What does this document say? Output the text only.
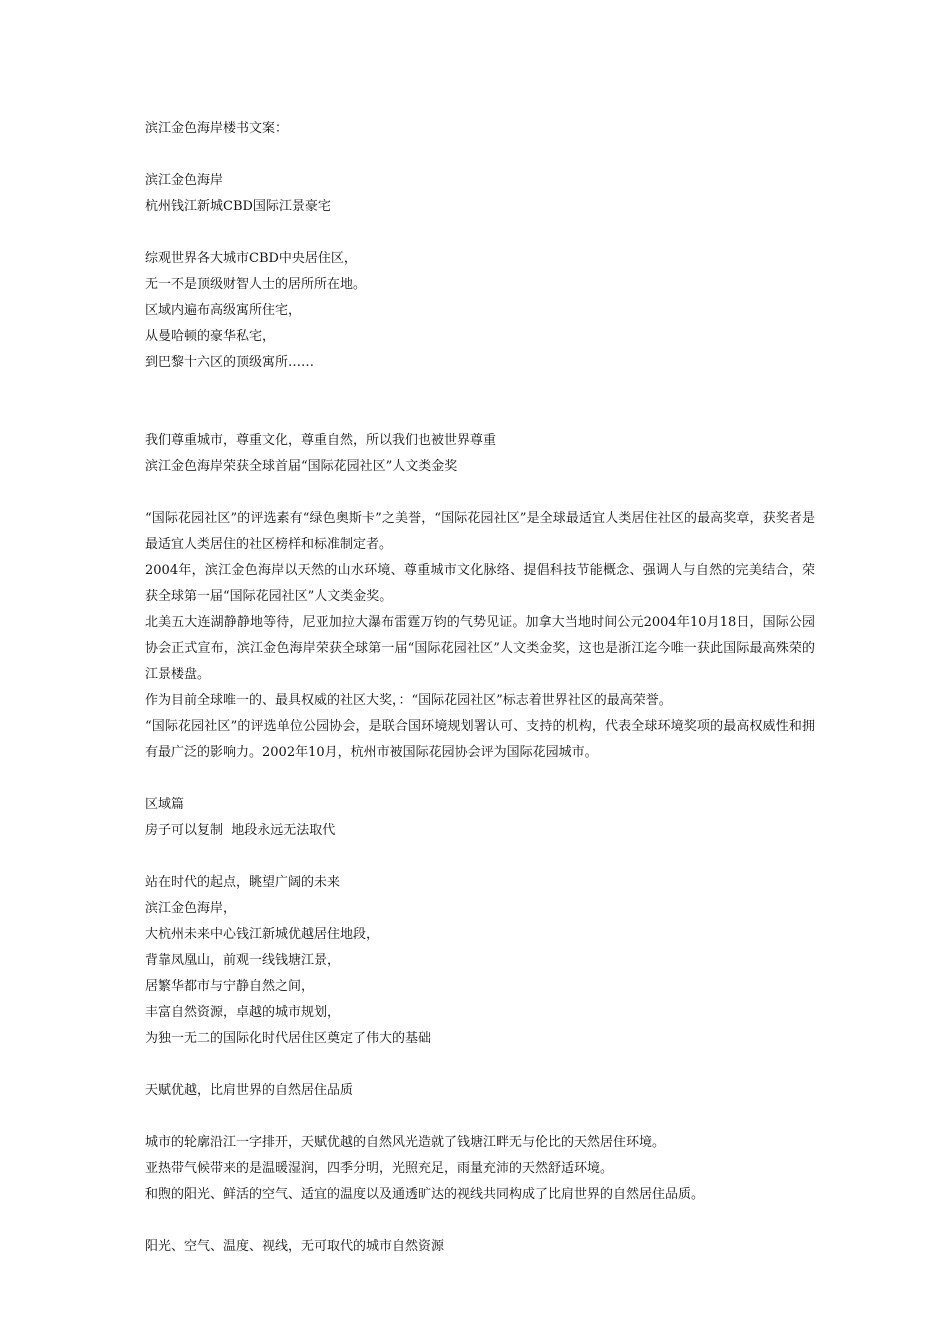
滨江金色海岸楼书文案：

滨江金色海岸

杭州钱江新城CBD国际江景豪宅

综观世界各大城市CBD中央居住区，

无一不是顶级财智人士的居所所在地。

区域内遍布高级寓所住宅，

从曼哈顿的豪华私宅，

到巴黎十六区的顶级寓所……

我们尊重城市，尊重文化，尊重自然，所以我们也被世界尊重

滨江金色海岸荣获全球首届“国际花园社区”人文类金奖

“国际花园社区”的评选素有“绿色奥斯卡”之美誉，“国际花园社区”是全球最适宜人类居住社区的最高奖章，获奖者是最适宜人类居住的社区榜样和标准制定者。

2004年，滨江金色海岸以天然的山水环境、尊重城市文化脉络、提倡科技节能概念、强调人与自然的完美结合，荣获全球第一届“国际花园社区”人文类金奖。

北美五大连湖静静地等待，尼亚加拉大瀑布雷霆万钧的气势见证。加拿大当地时间公元2004年10月18日，国际公园协会正式宣布，滨江金色海岸荣获全球第一届“国际花园社区”人文类金奖，这也是浙江迄今唯一获此国际最高殊荣的江景楼盘。

作为目前全球唯一的、最具权威的社区大奖，：“国际花园社区”标志着世界社区的最高荣誉。

“国际花园社区”的评选单位公园协会，是联合国环境规划署认可、支持的机构，代表全球环境奖项的最高权威性和拥有最广泛的影响力。2002年10月，杭州市被国际花园协会评为国际花园城市。

区域篇

房子可以复制  地段永远无法取代

站在时代的起点，眺望广阔的未来

滨江金色海岸，

大杭州未来中心钱江新城优越居住地段，

背靠凤凰山，前观一线钱塘江景，

居繁华都市与宁静自然之间，

丰富自然资源，卓越的城市规划，

为独一无二的国际化时代居住区奠定了伟大的基础

天赋优越，比肩世界的自然居住品质

城市的轮廓沿江一字排开，天赋优越的自然风光造就了钱塘江畔无与伦比的天然居住环境。

亚热带气候带来的是温暖湿润，四季分明，光照充足，雨量充沛的天然舒适环境。

和煦的阳光、鲜活的空气、适宜的温度以及通透旷达的视线共同构成了比肩世界的自然居住品质。

阳光、空气、温度、视线，无可取代的城市自然资源
